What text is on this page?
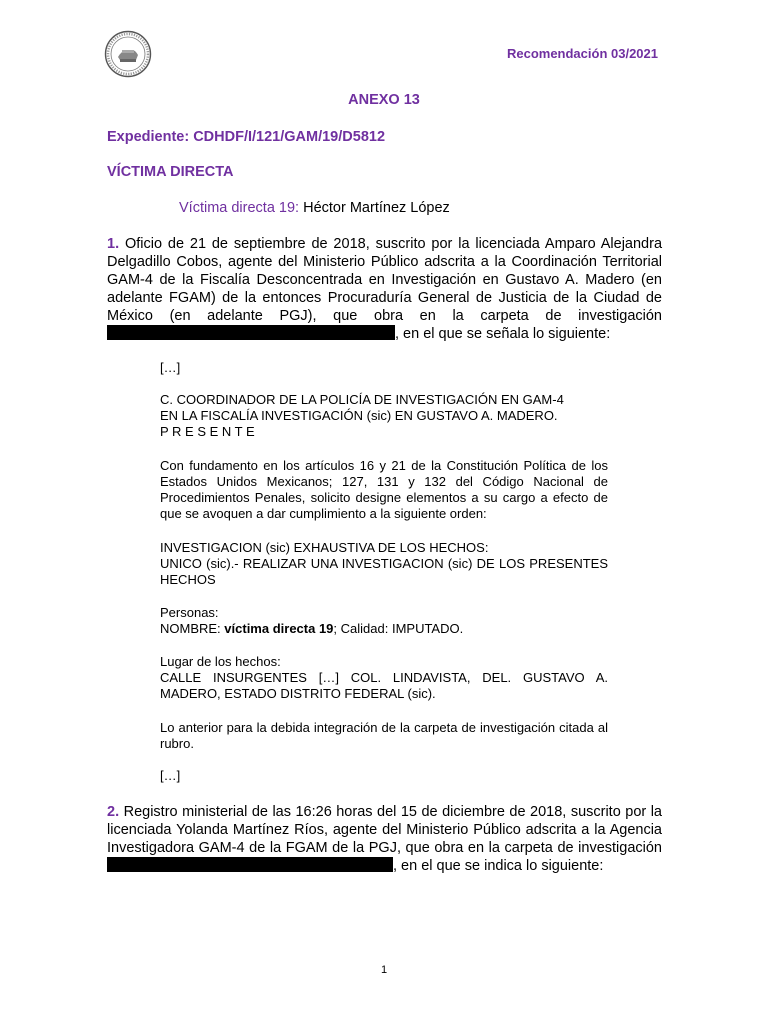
Recomendación 03/2021
ANEXO 13
Expediente: CDHDF/I/121/GAM/19/D5812
VÍCTIMA DIRECTA
Víctima directa 19: Héctor Martínez López
1. Oficio de 21 de septiembre de 2018, suscrito por la licenciada Amparo Alejandra Delgadillo Cobos, agente del Ministerio Público adscrita a la Coordinación Territorial GAM-4 de la Fiscalía Desconcentrada en Investigación en Gustavo A. Madero (en adelante FGAM) de la entonces Procuraduría General de Justicia de la Ciudad de México (en adelante PGJ), que obra en la carpeta de investigación, en el que se señala lo siguiente:
[…]

C. COORDINADOR DE LA POLICÍA DE INVESTIGACIÓN EN GAM-4

EN LA FISCALÍA INVESTIGACIÓN (sic) EN GUSTAVO A. MADERO.

P R E S E N T E

Con fundamento en los artículos 16 y 21 de la Constitución Política de los Estados Unidos Mexicanos; 127, 131 y 132 del Código Nacional de Procedimientos Penales, solicito designe elementos a su cargo a efecto de que se avoquen a dar cumplimiento a la siguiente orden:

INVESTIGACION (sic) EXHAUSTIVA DE LOS HECHOS:

UNICO (sic).- REALIZAR UNA INVESTIGACION (sic) DE LOS PRESENTES HECHOS

Personas:

NOMBRE: víctima directa 19; Calidad: IMPUTADO.

Lugar de los hechos:

CALLE INSURGENTES […] COL. LINDAVISTA, DEL. GUSTAVO A. MADERO, ESTADO DISTRITO FEDERAL (sic).

Lo anterior para la debida integración de la carpeta de investigación citada al rubro.
[…]
2. Registro ministerial de las 16:26 horas del 15 de diciembre de 2018, suscrito por la licenciada Yolanda Martínez Ríos, agente del Ministerio Público adscrita a la Agencia Investigadora GAM-4 de la FGAM de la PGJ, que obra en la carpeta de investigación , en el que se indica lo siguiente:
1
